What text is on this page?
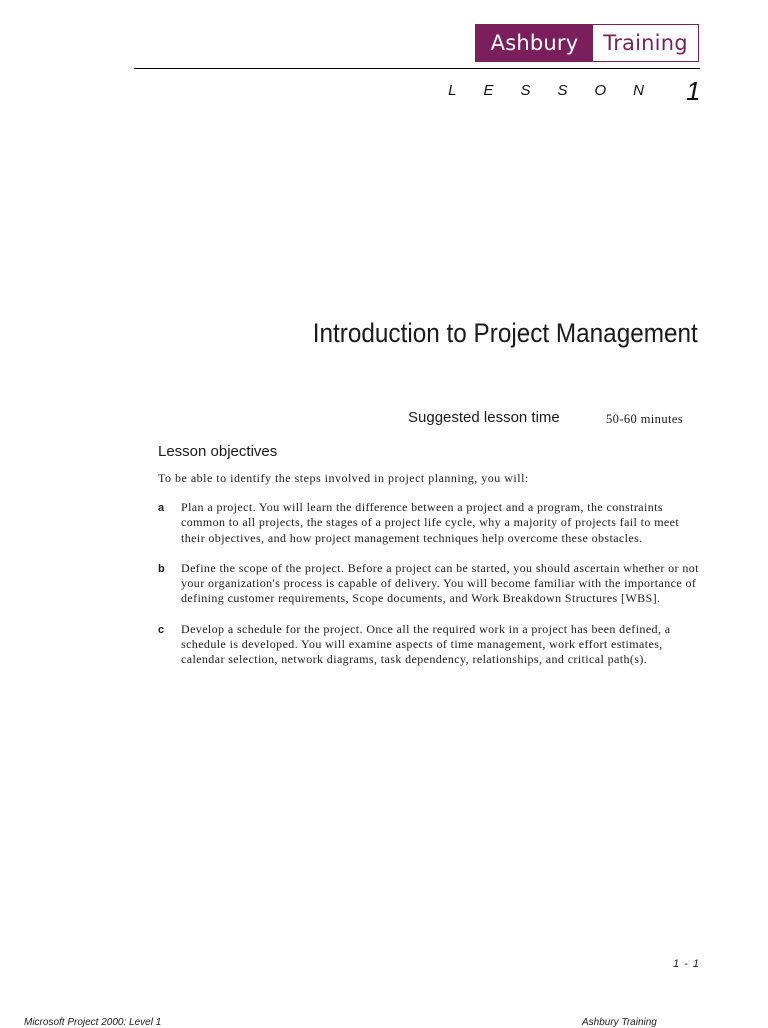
Ashbury	Training
LESSON 1
Introduction to Project Management
Suggested lesson time	50-60 minutes
Lesson objectives
To be able to identify the steps involved in project planning, you will:
a	Plan a project. You will learn the difference between a project and a program, the constraints common to all projects, the stages of a project life cycle, why a majority of projects fail to meet their objectives, and how project management techniques help overcome these obstacles.
b	Define the scope of the project. Before a project can be started, you should ascertain whether or not your organization's process is capable of delivery. You will become familiar with the importance of defining customer requirements, Scope documents, and Work Breakdown Structures [WBS].
c	Develop a schedule for the project. Once all the required work in a project has been defined, a schedule is developed. You will examine aspects of time management, work effort estimates, calendar selection, network diagrams, task dependency, relationships, and critical path(s).
1 - 1
Microsoft Project 2000: Level 1	Ashbury Training
